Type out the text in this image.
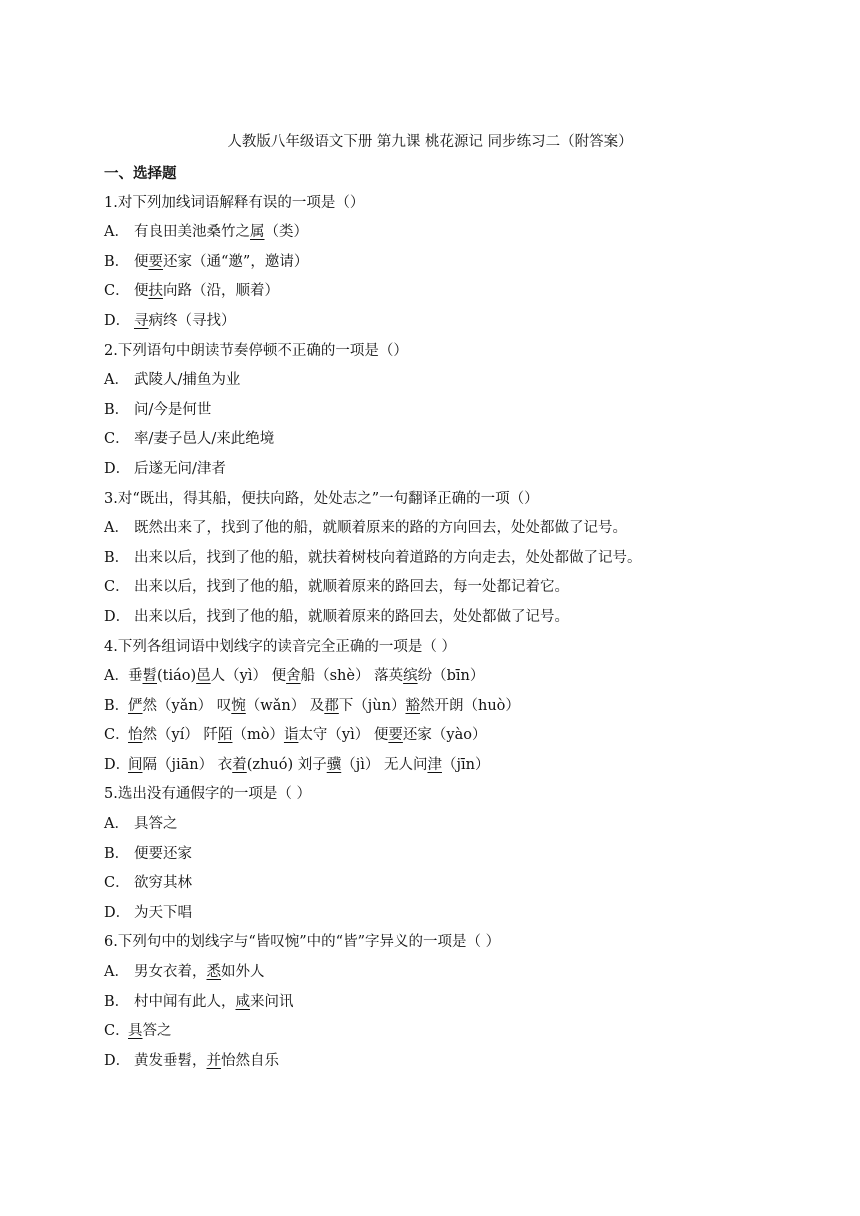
人教版八年级语文下册 第九课 桃花源记 同步练习二（附答案）
一、选择题
1.对下列加线词语解释有误的一项是（）
A． 有良田美池桑竹之属（类）
B． 便要还家（通“邀”，邀请）
C． 便扶向路（沿，顺着）
D． 寻病终（寻找）
2.下列语句中朗读节奏停顿不正确的一项是（）
A． 武陵人/捕鱼为业
B． 问/今是何世
C． 率/妻子邑人/来此绝境
D． 后遂无问/津者
3.对“既出，得其船，便扶向路，处处志之”一句翻译正确的一项（）
A． 既然出来了，找到了他的船，就顺着原来的路的方向回去，处处都做了记号。
B． 出来以后，找到了他的船，就扶着树枝向着道路的方向走去，处处都做了记号。
C． 出来以后，找到了他的船，就顺着原来的路回去，每一处都记着它。
D． 出来以后，找到了他的船，就顺着原来的路回去，处处都做了记号。
4.下列各组词语中划线字的读音完全正确的一项是（ ）
A．垂髫(tiáo)邑人（yì） 便舍船（shè） 落英缤纷（bīn）
B．俨然（yǎn） 叹惋（wǎn） 及郡下（jùn）豁然开朗（huò）
C．怡然（yí） 阡陌（mò）诣太守（yì） 便要还家（yào）
D．间隔（jiān） 衣着(zhuó) 刘子骥（jì） 无人问津（jīn）
5.选出没有通假字的一项是（ ）
A． 具答之
B． 便要还家
C． 欲穷其林
D． 为天下唱
6.下列句中的划线字与“皆叹惋”中的“皆”字异义的一项是（ ）
A． 男女衣着，悉如外人
B． 村中闻有此人，咸来问讯
C．具答之
D． 黄发垂髫，并怡然自乐
